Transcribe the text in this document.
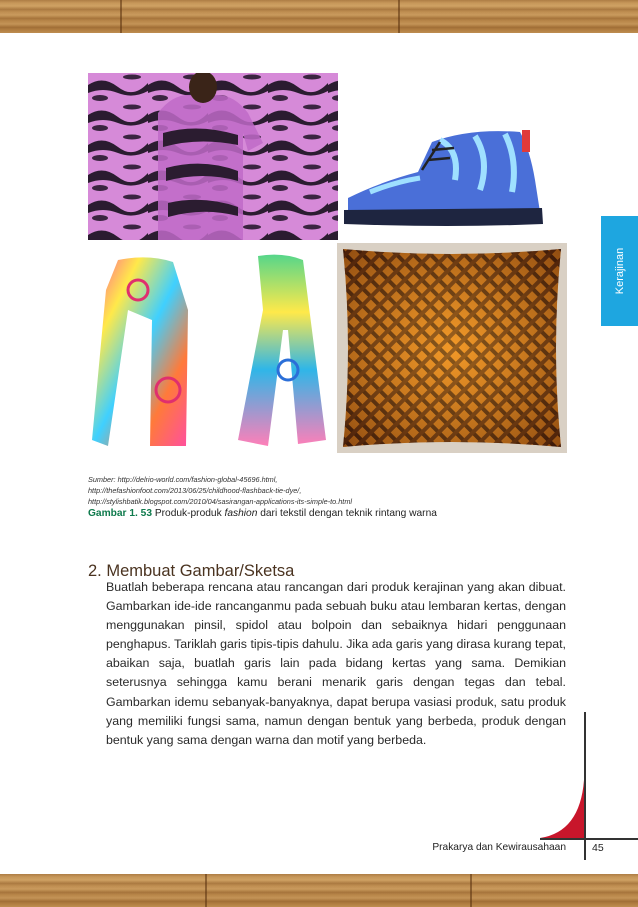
Kerajinan
Sumber: http://delrio-world.com/fashion-global-45696.html,
http://thefashionfoot.com/2013/06/25/childhood-flashback-tie-dye/,
http://stylishbatik.blogspot.com/2010/04/sasirangan-applications-its-simple-to.html
Gambar 1. 53 Produk-produk fashion dari tekstil dengan teknik rintang warna
2. Membuat Gambar/Sketsa
Buatlah beberapa rencana atau rancangan dari produk kerajinan yang akan dibuat. Gambarkan ide-ide rancanganmu pada sebuah buku atau lembaran kertas, dengan menggunakan pinsil, spidol atau bolpoin dan sebaiknya hidari penggunaan penghapus. Tariklah garis tipis-tipis dahulu. Jika ada garis yang dirasa kurang tepat, abaikan saja, buatlah garis lain pada bidang kertas yang sama. Demikian seterusnya sehingga kamu berani menarik garis dengan tegas dan tebal. Gambarkan idemu sebanyak-banyaknya, dapat berupa vasiasi produk, satu produk yang memiliki fungsi sama, namun dengan bentuk yang berbeda, produk dengan bentuk yang sama dengan warna dan motif yang berbeda.
Prakarya dan Kewirausahaan 45
